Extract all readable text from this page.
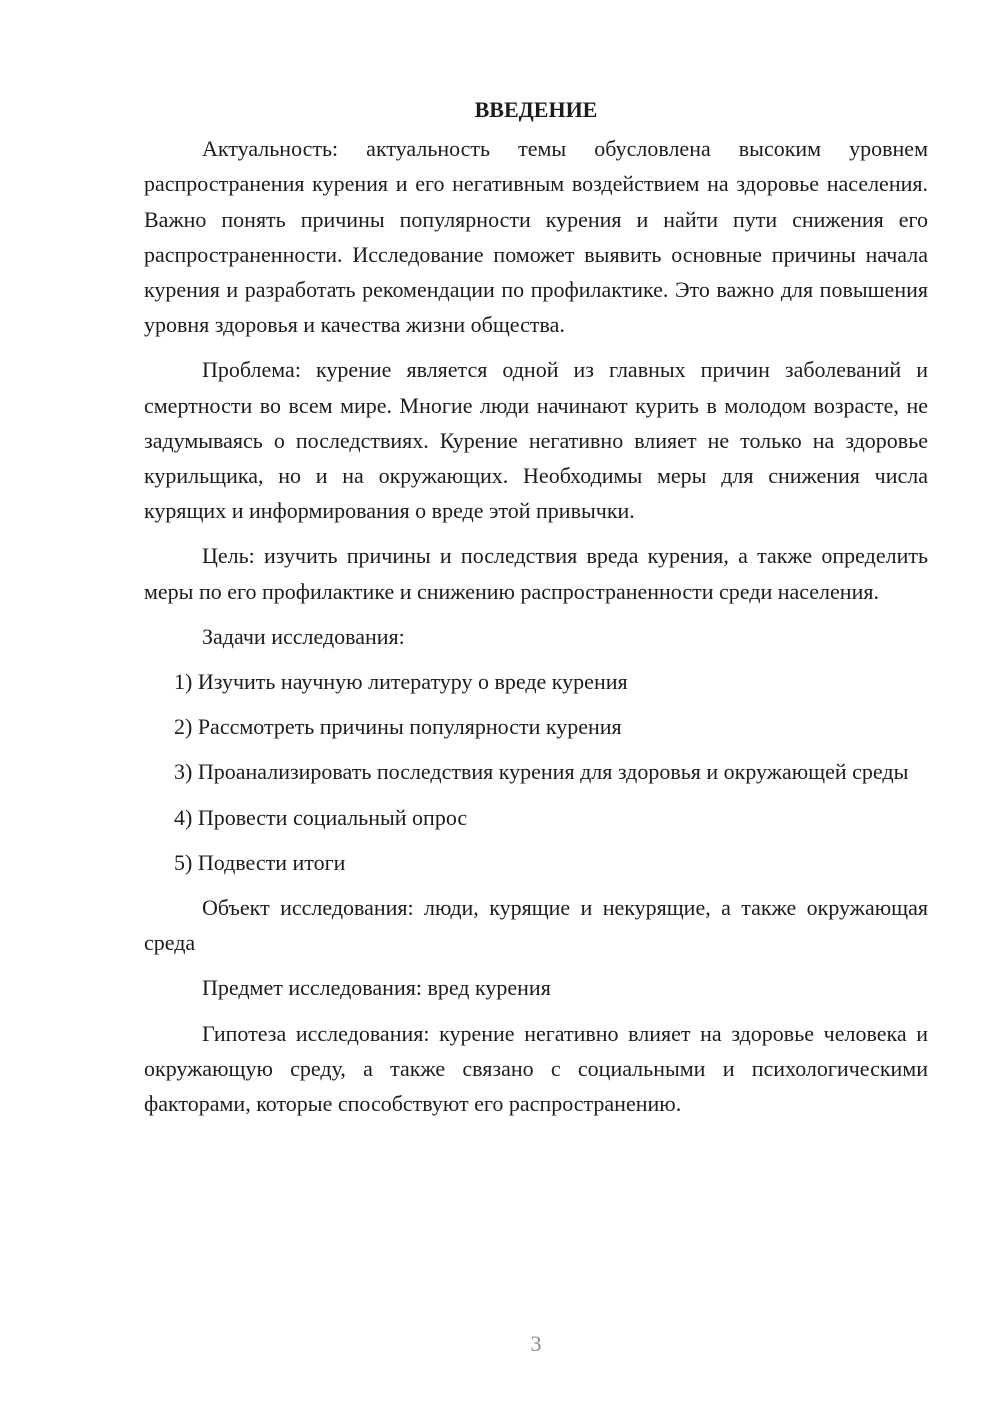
ВВЕДЕНИЕ

Актуальность: актуальность темы обусловлена высоким уровнем распространения курения и его негативным воздействием на здоровье населения. Важно понять причины популярности курения и найти пути снижения его распространенности. Исследование поможет выявить основные причины начала курения и разработать рекомендации по профилактике. Это важно для повышения уровня здоровья и качества жизни общества.

Проблема: курение является одной из главных причин заболеваний и смертности во всем мире. Многие люди начинают курить в молодом возрасте, не задумываясь о последствиях. Курение негативно влияет не только на здоровье курильщика, но и на окружающих. Необходимы меры для снижения числа курящих и информирования о вреде этой привычки.

Цель: изучить причины и последствия вреда курения, а также определить меры по его профилактике и снижению распространенности среди населения.

Задачи исследования:

1) Изучить научную литературу о вреде курения

2) Рассмотреть причины популярности курения

3) Проанализировать последствия курения для здоровья и окружающей среды

4) Провести социальный опрос

5) Подвести итоги

Объект исследования: люди, курящие и некурящие, а также окружающая среда

Предмет исследования: вред курения

Гипотеза исследования: курение негативно влияет на здоровье человека и окружающую среду, а также связано с социальными и психологическими факторами, которые способствуют его распространению.

3
